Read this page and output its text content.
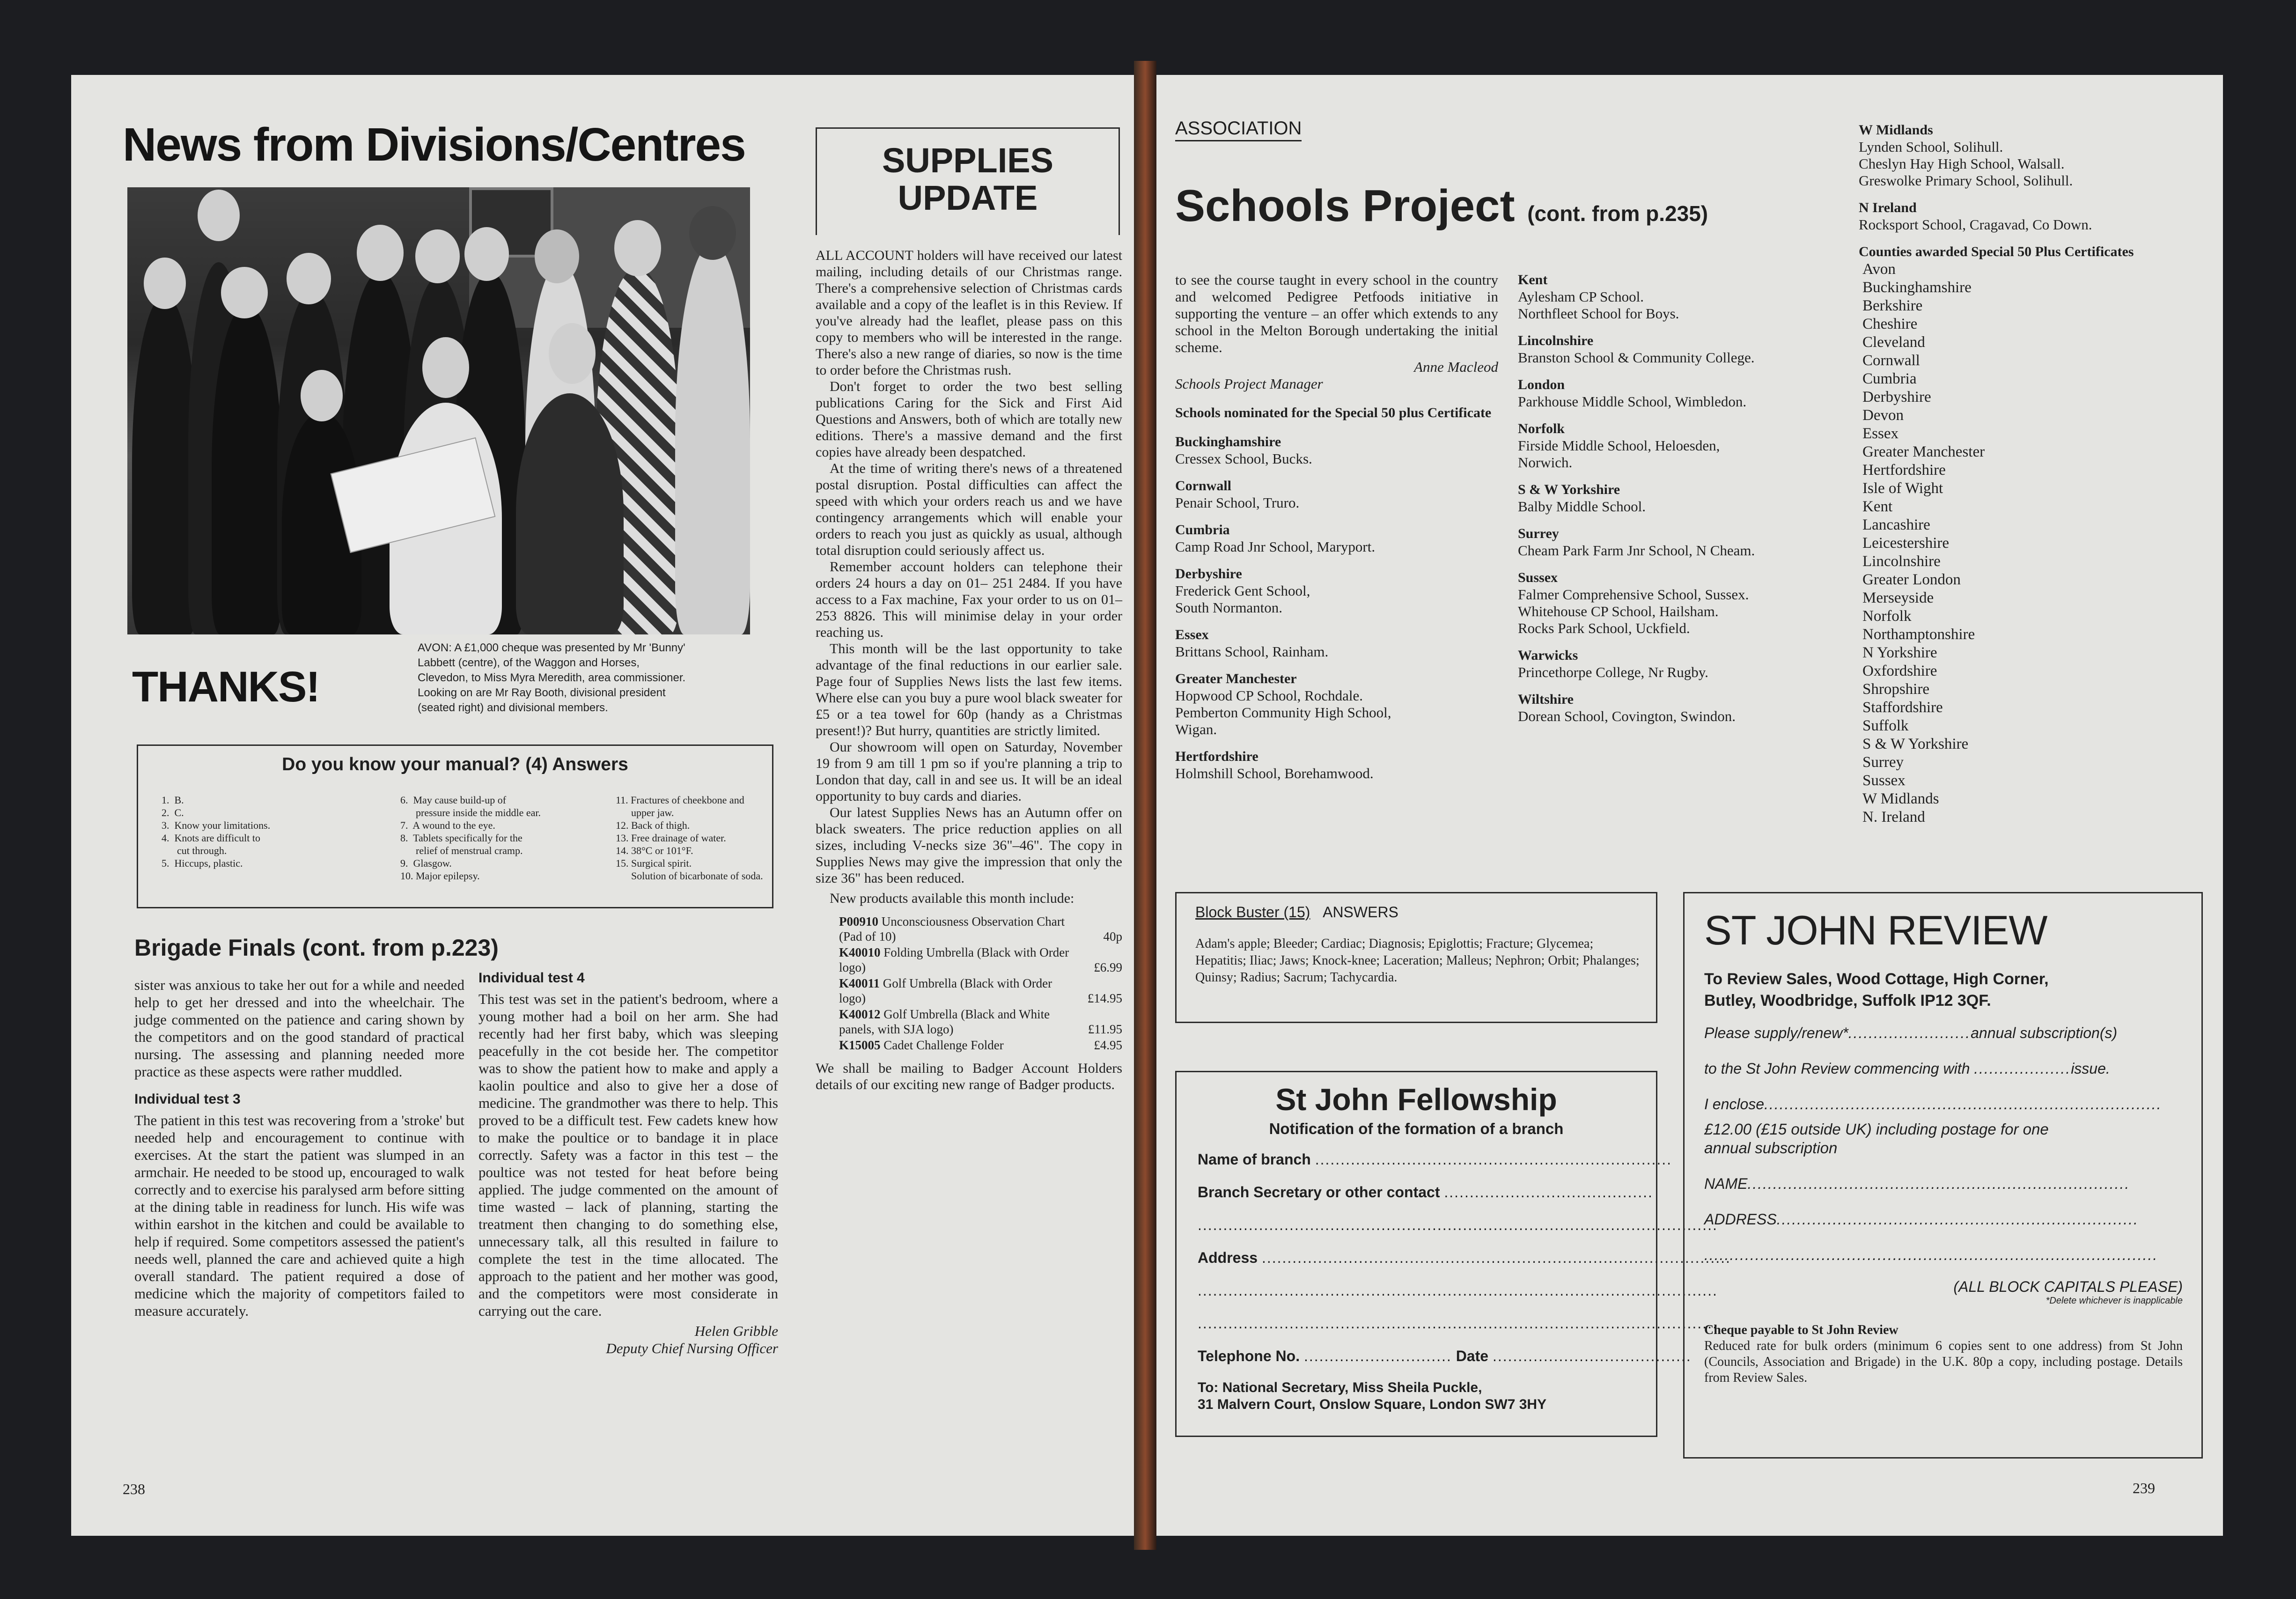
News from Divisions/Centres
THANKS!
AVON: A £1,000 cheque was presented by Mr 'Bunny'
Labbett (centre), of the Waggon and Horses,
Clevedon, to Miss Myra Meredith, area commissioner.
Looking on are Mr Ray Booth, divisional president
(seated right) and divisional members.
Do you know your manual? (4) Answers
1.  B.
2.  C.
3.  Know your limitations.
4.  Knots are difficult to
cut through.
5.  Hiccups, plastic.
6.  May cause build-up of
pressure inside the middle ear.
7.  A wound to the eye.
8.  Tablets specifically for the
relief of menstrual cramp.
9.  Glasgow.
10. Major epilepsy.
11. Fractures of cheekbone and
upper jaw.
12. Back of thigh.
13. Free drainage of water.
14. 38°C or 101°F.
15. Surgical spirit.
Solution of bicarbonate of soda.
Brigade Finals (cont. from p.223)

sister was anxious to take her out for a while and needed help to get her dressed and into the wheelchair. The judge commented on the patience and caring shown by the competitors and on the good standard of practical nursing. The assessing and planning needed more practice as these aspects were rather muddled.

Individual test 3

The patient in this test was recovering from a 'stroke' but needed help and encouragement to continue with exercises. At the start the patient was slumped in an armchair. He needed to be stood up, encouraged to walk correctly and to exercise his paralysed arm before sitting at the dining table in readiness for lunch. His wife was within earshot in the kitchen and could be available to help if required. Some competitors assessed the patient's needs well, planned the care and achieved quite a high overall standard. The patient required a dose of medicine which the majority of competitors failed to measure accurately.

Individual test 4

This test was set in the patient's bedroom, where a young mother had a boil on her arm. She had recently had her first baby, which was sleeping peacefully in the cot beside her. The competitor was to show the patient how to make and apply a kaolin poultice and also to give her a dose of medicine. The grandmother was there to help. This proved to be a difficult test. Few cadets knew how to make the poultice or to bandage it in place correctly. Safety was a factor in this test – the poultice was not tested for heat before being applied. The judge commented on the amount of time wasted – lack of planning, starting the treatment then changing to do something else, unnecessary talk, all this resulted in failure to complete the test in the time allocated. The approach to the patient and her mother was good, and the competitors were most considerate in carrying out the care.

Helen Gribble
Deputy Chief Nursing Officer
SUPPLIES
UPDATE

ALL ACCOUNT holders will have received our latest mailing, including details of our Christmas range. There's a comprehensive selection of Christmas cards available and a copy of the leaflet is in this Review. If you've already had the leaflet, please pass on this copy to members who will be interested in the range. There's also a new range of diaries, so now is the time to order before the Christmas rush.

Don't forget to order the two best selling publications Caring for the Sick and First Aid Questions and Answers, both of which are totally new editions. There's a massive demand and the first copies have already been despatched.

At the time of writing there's news of a threatened postal disruption. Postal difficulties can affect the speed with which your orders reach us and we have contingency arrangements which will enable your orders to reach you just as quickly as usual, although total disruption could seriously affect us.

Remember account holders can telephone their orders 24 hours a day on 01– 251 2484. If you have access to a Fax machine, Fax your order to us on 01–253 8826. This will minimise delay in your order reaching us.

This month will be the last opportunity to take advantage of the final reductions in our earlier sale. Page four of Supplies News lists the last few items. Where else can you buy a pure wool black sweater for £5 or a tea towel for 60p (handy as a Christmas present!)? But hurry, quantities are strictly limited.

Our showroom will open on Saturday, November 19 from 9 am till 1 pm so if you're planning a trip to London that day, call in and see us. It will be an ideal opportunity to buy cards and diaries.

Our latest Supplies News has an Autumn offer on black sweaters. The price reduction applies on all sizes, including V-necks size 36"–46". The copy in Supplies News may give the impression that only the size 36" has been reduced.

New products available this month include:

P00910 Unconsciousness Observation Chart
(Pad of 10)	40p
K40010 Folding Umbrella (Black with Order
logo)	£6.99
K40011 Golf Umbrella (Black with Order
logo)	£14.95
K40012 Golf Umbrella (Black and White
panels, with SJA logo)	£11.95
K15005 Cadet Challenge Folder	£4.95

We shall be mailing to Badger Account Holders details of our exciting new range of Badger products.

238
ASSOCIATION
Schools Project (cont. from p.235)
to see the course taught in every school in the country and welcomed Pedigree Petfoods initiative in supporting the venture – an offer which extends to any school in the Melton Borough undertaking the initial scheme.
Anne Macleod
Schools Project Manager
Schools nominated for the Special 50 plus Certificate
Buckinghamshire
Cressex School, Bucks.
Cornwall
Penair School, Truro.
Cumbria
Camp Road Jnr School, Maryport.
Derbyshire
Frederick Gent School,
South Normanton.
Essex
Brittans School, Rainham.
Greater Manchester
Hopwood CP School, Rochdale.
Pemberton Community High School,
Wigan.
Hertfordshire
Holmshill School, Borehamwood.
Kent
Aylesham CP School.
Northfleet School for Boys.
Lincolnshire
Branston School & Community College.
London
Parkhouse Middle School, Wimbledon.
Norfolk
Firside Middle School, Heloesden,
Norwich.
S & W Yorkshire
Balby Middle School.
Surrey
Cheam Park Farm Jnr School, N Cheam.
Sussex
Falmer Comprehensive School, Sussex.
Whitehouse CP School, Hailsham.
Rocks Park School, Uckfield.
Warwicks
Princethorpe College, Nr Rugby.
Wiltshire
Dorean School, Covington, Swindon.
W Midlands
Lynden School, Solihull.
Cheslyn Hay High School, Walsall.
Greswolke Primary School, Solihull.
N Ireland
Rocksport School, Cragavad, Co Down.
Counties awarded Special 50 Plus Certificates
Avon
Buckinghamshire
Berkshire
Cheshire
Cleveland
Cornwall
Cumbria
Derbyshire
Devon
Essex
Greater Manchester
Hertfordshire
Isle of Wight
Kent
Lancashire
Leicestershire
Lincolnshire
Greater London
Merseyside
Norfolk
Northamptonshire
N Yorkshire
Oxfordshire
Shropshire
Staffordshire
Suffolk
S & W Yorkshire
Surrey
Sussex
W Midlands
N. Ireland
Block Buster (15) ANSWERS
Adam's apple; Bleeder; Cardiac; Diagnosis; Epiglottis; Fracture; Glycemea; Hepatitis; Iliac; Jaws; Knock-knee; Laceration; Malleus; Nephron; Orbit; Phalanges; Quinsy; Radius; Sacrum; Tachycardia.
St John Fellowship
Notification of the formation of a branch
Name of branch ......................................................................
Branch Secretary or other contact .........................................
......................................................................................................
Address ............................................................................................
......................................................................................................
......................................................................................................
Telephone No. ............................. Date .......................................
To: National Secretary, Miss Sheila Puckle,
31 Malvern Court, Onslow Square, London SW7 3HY
ST JOHN REVIEW
To Review Sales, Wood Cottage, High Corner,
Butley, Woodbridge, Suffolk IP12 3QF.
Please supply/renew*........................annual subscription(s)
to the St John Review commencing with ...................issue.
I enclose..............................................................................
£12.00 (£15 outside UK) including postage for one
annual subscription
NAME...........................................................................
ADDRESS.......................................................................
.........................................................................................
(ALL BLOCK CAPITALS PLEASE)
*Delete whichever is inapplicable
Cheque payable to St John Review
Reduced rate for bulk orders (minimum 6 copies sent to one address) from St John (Councils, Association and Brigade) in the U.K. 80p a copy, including postage. Details from Review Sales.
239
